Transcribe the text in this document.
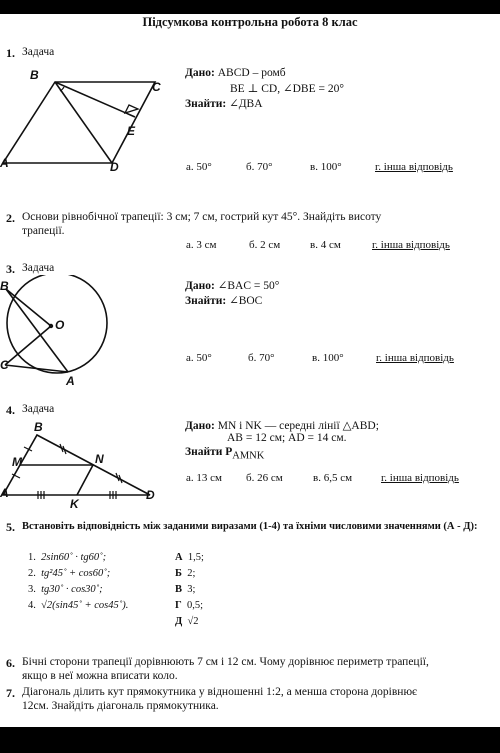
Підсумкова контрольна робота 8 клас
1. Задача
B
C
E
A	D
Дано: ABCD – ромб
BE ⊥ CD, ∠DBE = 20°
Знайти: ∠ДBA
а. 50°	б. 70°	в. 100°	г. інша відповідь
2. Основи рівнобічної трапеції: 3 см; 7 см, гострий кут 45°. Знайдіть висоту
трапеції.
а. 3 см	б. 2 см	в. 4 см	г. інша відповідь
3. Задача
B
O
C
A
Дано: ∠BAC = 50°
Знайти: ∠BOC
а. 50°	б. 70°	в. 100°	г. інша відповідь
4. Задача
B
M	N
A
K
D
Дано: MN і NK — середні лінії △ABD;
AB = 12 см; AD = 14 см.
Знайти $P_{AMNK}$
а. 13 см б. 26 см	в. 6,5 см	г. інша відповідь
5. Встановіть відповідність між заданими виразами (1-4) та їхніми числовими значеннями (А - Д):
1. 2sin60˚ · tg60˚;
2. tg²45˚ + cos60˚;
3. tg30˚ · cos30˚;
4. √2(sin45˚ + cos45˚).
А 1,5;
Б 2;
В 3;
Г 0,5;
Д √2
6. Бічні сторони трапеції дорівнюють 7 см і 12 см. Чому дорівнює периметр трапеції,
якщо в неї можна вписати коло.
7. Діагональ ділить кут прямокутника у відношенні 1:2, а менша сторона дорівнює
12см. Знайдіть діагональ прямокутника.
